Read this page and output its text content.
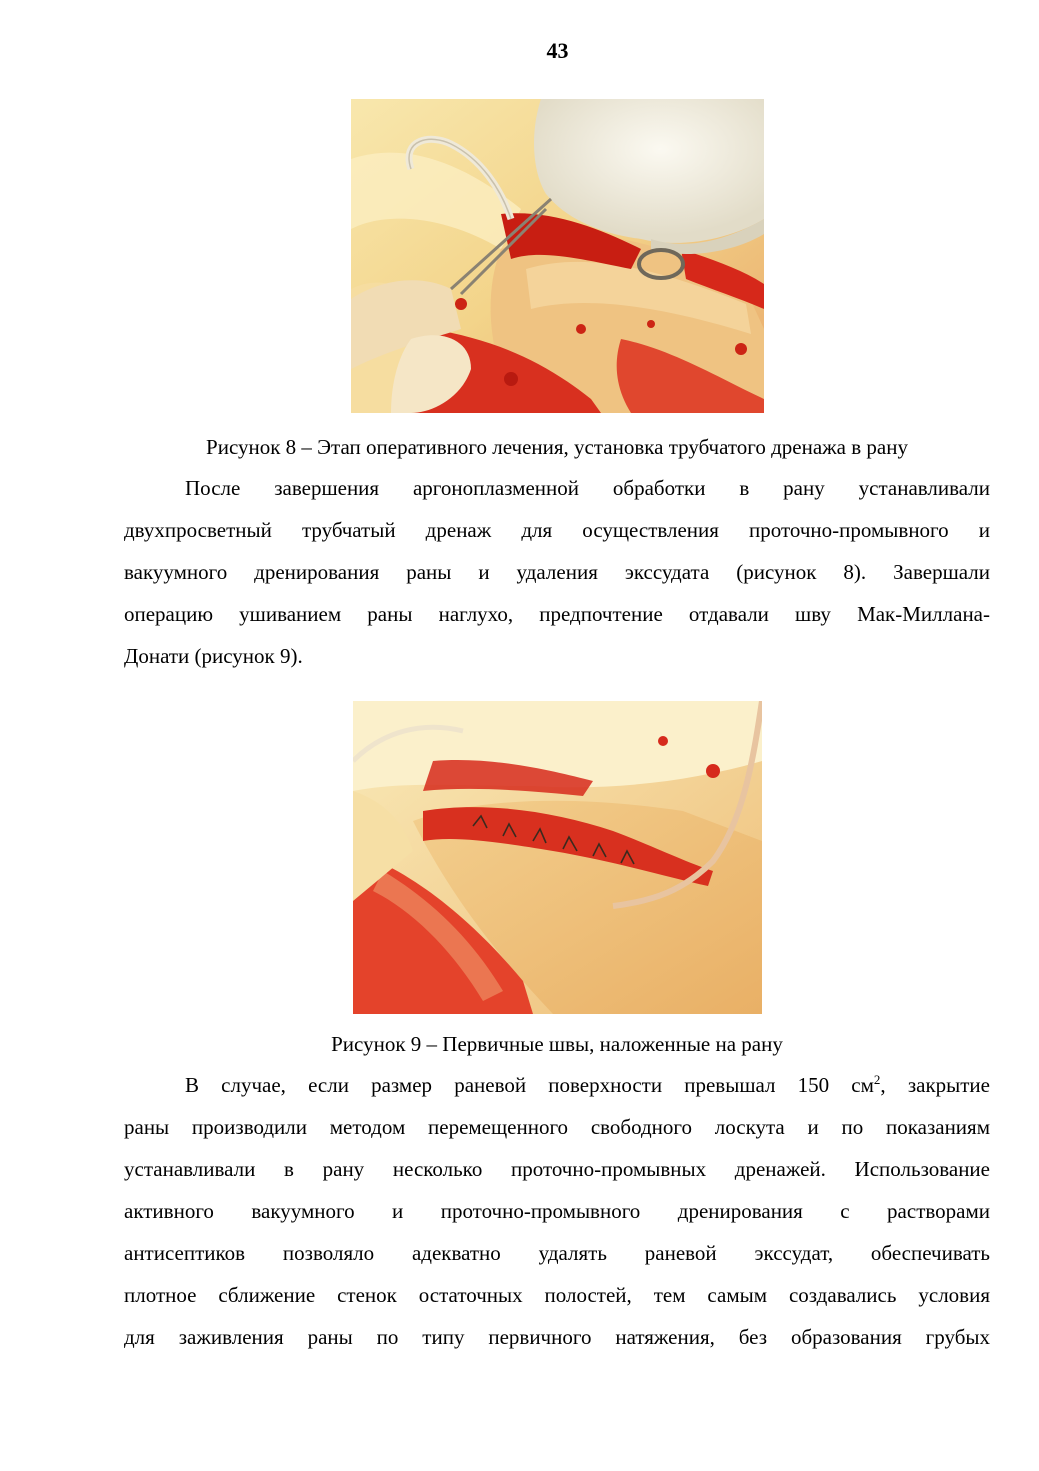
43
Рисунок 8 – Этап оперативного лечения, установка трубчатого дренажа в рану
После завершения аргоноплазменной обработки в рану устанавливали
двухпросветный трубчатый дренаж для осуществления проточно-промывного и
вакуумного дренирования раны и удаления экссудата (рисунок 8). Завершали
операцию ушиванием раны наглухо, предпочтение отдавали шву Мак-Миллана-
Донати (рисунок 9).
Рисунок 9 – Первичные швы, наложенные на рану
В случае, если размер раневой поверхности превышал 150 $см^2$, закрытие
раны производили методом перемещенного свободного лоскута и по показаниям
устанавливали в рану несколько проточно-промывных дренажей. Использование
активного вакуумного и проточно-промывного дренирования с растворами
антисептиков позволяло адекватно удалять раневой экссудат, обеспечивать
плотное сближение стенок остаточных полостей, тем самым создавались условия
для заживления раны по типу первичного натяжения, без образования грубых
